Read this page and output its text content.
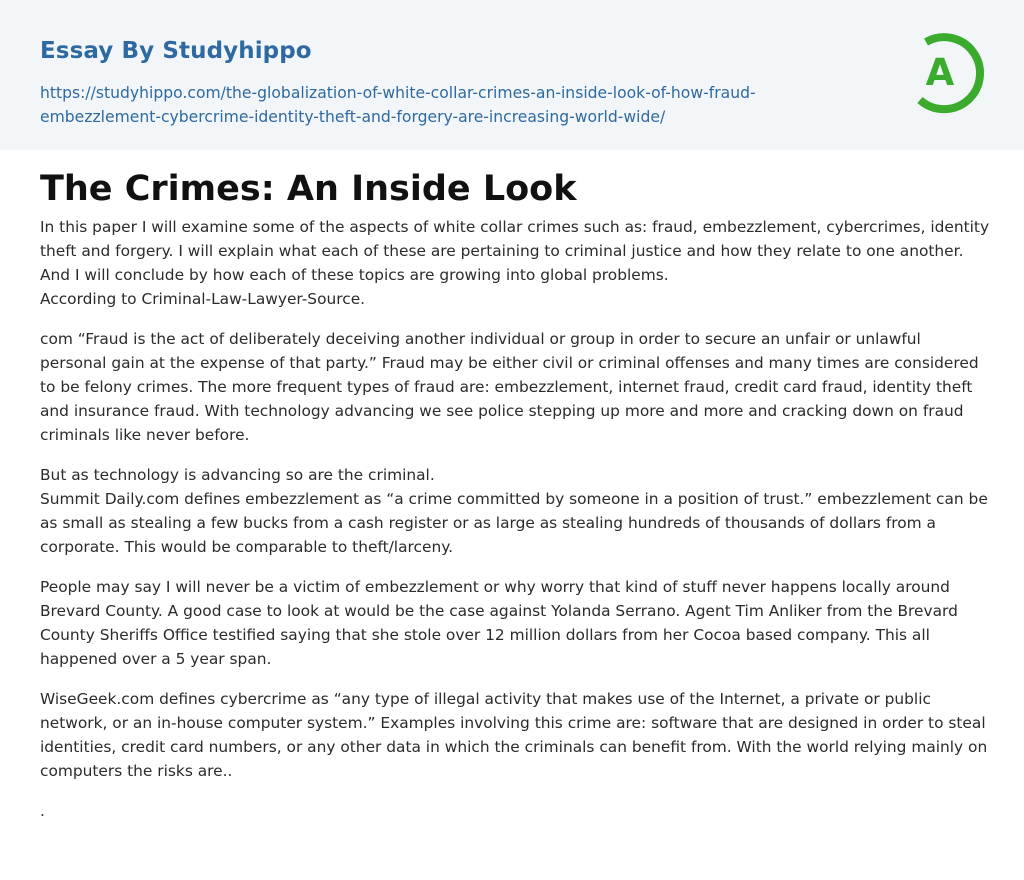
Essay By Studyhippo
https://studyhippo.com/the-globalization-of-white-collar-crimes-an-inside-look-of-how-fraud-
embezzlement-cybercrime-identity-theft-and-forgery-are-increasing-world-wide/
A
The Crimes: An Inside Look

In this paper I will examine some of the aspects of white collar crimes such as: fraud, embezzlement, cybercrimes, identity theft and forgery. I will explain what each of these are pertaining to criminal justice and how they relate to one another. And I will conclude by how each of these topics are growing into global problems.
According to Criminal-Law-Lawyer-Source.

com “Fraud is the act of deliberately deceiving another individual or group in order to secure an unfair or unlawful personal gain at the expense of that party.” Fraud may be either civil or criminal offenses and many times are considered to be felony crimes. The more frequent types of fraud are: embezzlement, internet fraud, credit card fraud, identity theft and insurance fraud. With technology advancing we see police stepping up more and more and cracking down on fraud criminals like never before.

But as technology is advancing so are the criminal.
Summit Daily.com defines embezzlement as “a crime committed by someone in a position of trust.” embezzlement can be as small as stealing a few bucks from a cash register or as large as stealing hundreds of thousands of dollars from a corporate. This would be comparable to theft/larceny.

People may say I will never be a victim of embezzlement or why worry that kind of stuff never happens locally around Brevard County. A good case to look at would be the case against Yolanda Serrano. Agent Tim Anliker from the Brevard County Sheriffs Office testified saying that she stole over 12 million dollars from her Cocoa based company. This all happened over a 5 year span.

WiseGeek.com defines cybercrime as “any type of illegal activity that makes use of the Internet, a private or public network, or an in-house computer system.” Examples involving this crime are: software that are designed in order to steal identities, credit card numbers, or any other data in which the criminals can benefit from. With the world relying mainly on computers the risks are..

.
